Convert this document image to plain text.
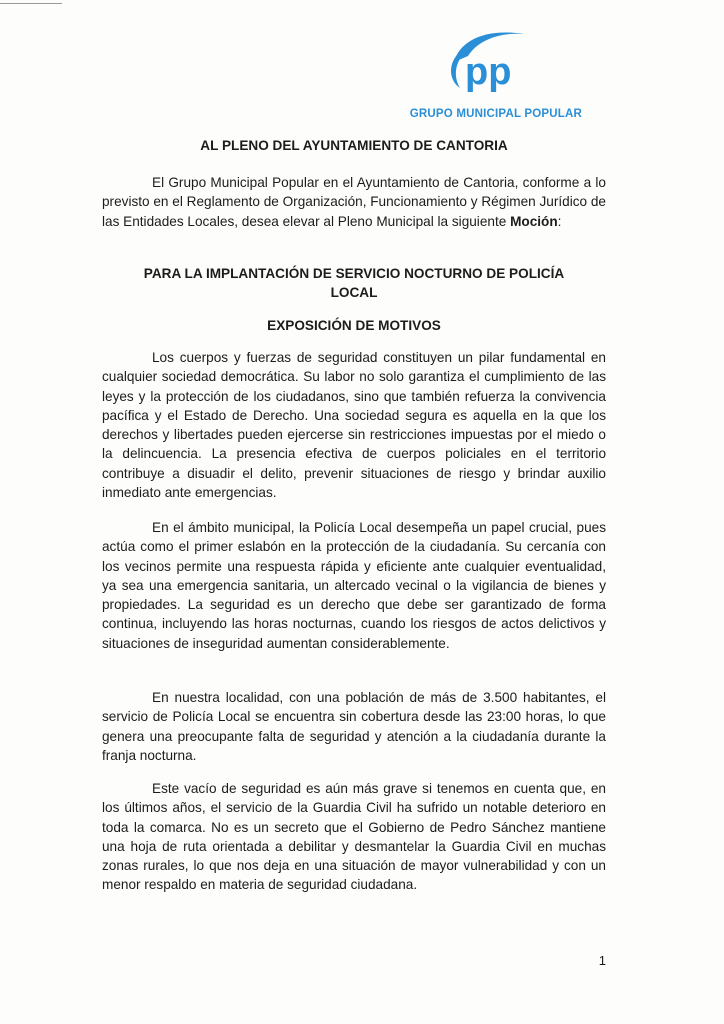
pp
GRUPO MUNICIPAL POPULAR
AL PLENO DEL AYUNTAMIENTO DE CANTORIA

El Grupo Municipal Popular en el Ayuntamiento de Cantoria, conforme a lo previsto en el Reglamento de Organización, Funcionamiento y Régimen Jurídico de las Entidades Locales, desea elevar al Pleno Municipal la siguiente Moción:

PARA LA IMPLANTACIÓN DE SERVICIO NOCTURNO DE POLICÍA LOCAL
EXPOSICIÓN DE MOTIVOS

Los cuerpos y fuerzas de seguridad constituyen un pilar fundamental en cualquier sociedad democrática. Su labor no solo garantiza el cumplimiento de las leyes y la protección de los ciudadanos, sino que también refuerza la convivencia pacífica y el Estado de Derecho. Una sociedad segura es aquella en la que los derechos y libertades pueden ejercerse sin restricciones impuestas por el miedo o la delincuencia. La presencia efectiva de cuerpos policiales en el territorio contribuye a disuadir el delito, prevenir situaciones de riesgo y brindar auxilio inmediato ante emergencias.

En el ámbito municipal, la Policía Local desempeña un papel crucial, pues actúa como el primer eslabón en la protección de la ciudadanía. Su cercanía con los vecinos permite una respuesta rápida y eficiente ante cualquier eventualidad, ya sea una emergencia sanitaria, un altercado vecinal o la vigilancia de bienes y propiedades. La seguridad es un derecho que debe ser garantizado de forma continua, incluyendo las horas nocturnas, cuando los riesgos de actos delictivos y situaciones de inseguridad aumentan considerablemente.

En nuestra localidad, con una población de más de 3.500 habitantes, el servicio de Policía Local se encuentra sin cobertura desde las 23:00 horas, lo que genera una preocupante falta de seguridad y atención a la ciudadanía durante la franja nocturna.

Este vacío de seguridad es aún más grave si tenemos en cuenta que, en los últimos años, el servicio de la Guardia Civil ha sufrido un notable deterioro en toda la comarca. No es un secreto que el Gobierno de Pedro Sánchez mantiene una hoja de ruta orientada a debilitar y desmantelar la Guardia Civil en muchas zonas rurales, lo que nos deja en una situación de mayor vulnerabilidad y con un menor respaldo en materia de seguridad ciudadana.

1
